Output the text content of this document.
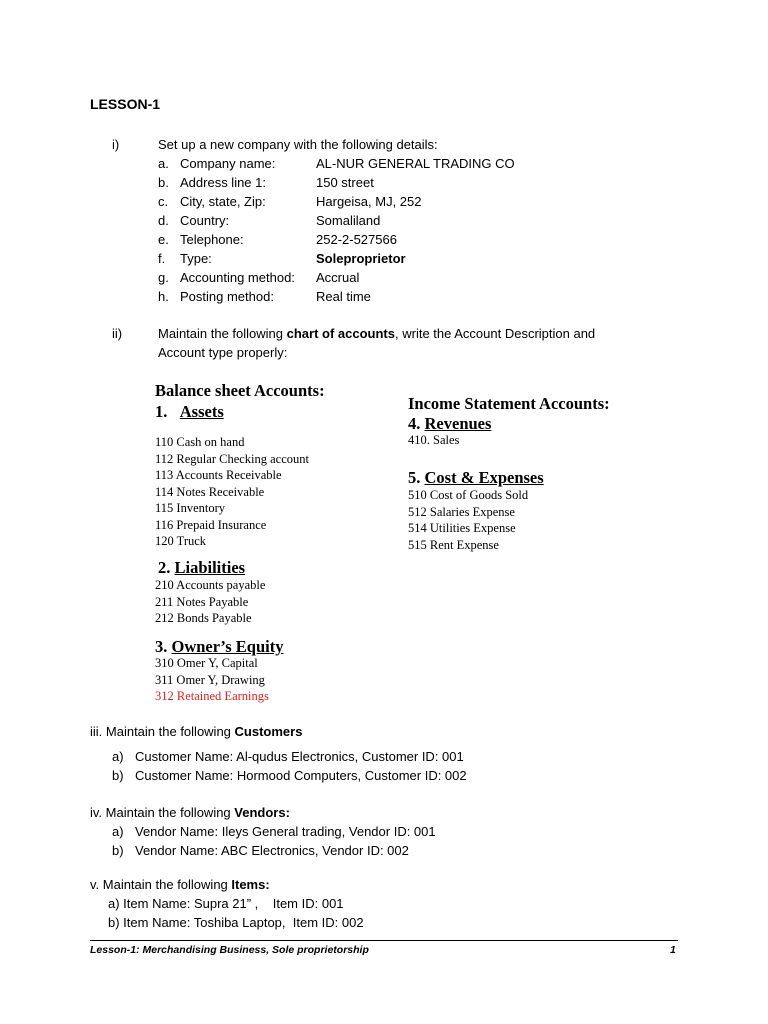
LESSON-1
i)	Set up a new company with the following details:
a. Company name:	AL-NUR GENERAL TRADING CO
b. Address line 1:	150 street
c. City, state, Zip:	Hargeisa, MJ, 252
d. Country:	Somaliland
e. Telephone:	252-2-527566
f. Type:	Soleproprietor
g. Accounting method: Accrual
h. Posting method:	Real time
ii)	Maintain the following chart of accounts, write the Account Description and
Account type properly:
Balance sheet Accounts:
1. Assets
110 Cash on hand
112 Regular Checking account
113 Accounts Receivable
114 Notes Receivable
115 Inventory
116 Prepaid Insurance
120 Truck
2. Liabilities
210 Accounts payable
211 Notes Payable
212 Bonds Payable
3. Owner’s Equity
310 Omer Y, Capital
311 Omer Y, Drawing
312 Retained Earnings
Income Statement Accounts:
4. Revenues
410. Sales
5. Cost & Expenses
510 Cost of Goods Sold
512 Salaries Expense
514 Utilities Expense
515 Rent Expense
iii. Maintain the following Customers
a) Customer Name: Al-qudus Electronics, Customer ID: 001
b) Customer Name: Hormood Computers, Customer ID: 002
iv. Maintain the following Vendors:
a) Vendor Name: Ileys General trading, Vendor ID: 001
b) Vendor Name: ABC Electronics, Vendor ID: 002
v. Maintain the following Items:
a) Item Name: Supra 21” ,    Item ID: 001
b) Item Name: Toshiba Laptop,  Item ID: 002
Lesson-1: Merchandising Business, Sole proprietorship	1
